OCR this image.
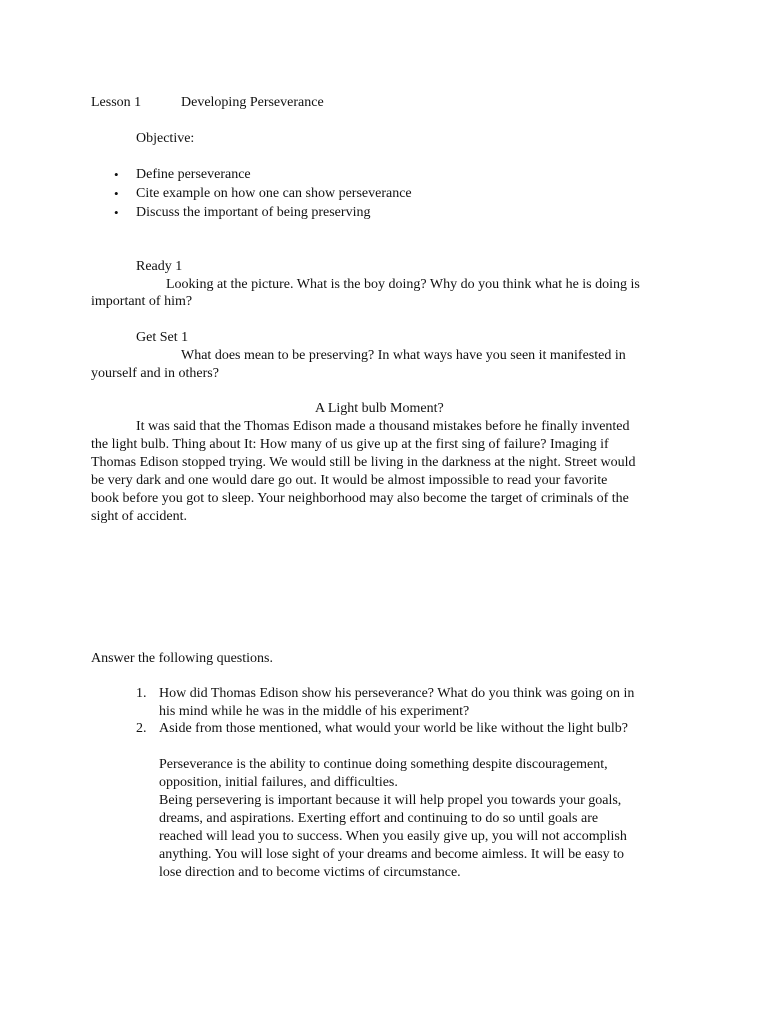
Lesson 1	Developing Perseverance
Objective:
• Define perseverance
• Cite example on how one can show perseverance
• Discuss the important of being preserving
Ready 1
Looking at the picture. What is the boy doing? Why do you think what he is doing is
important of him?
Get Set 1
What does mean to be preserving? In what ways have you seen it manifested in
yourself and in others?
A Light bulb Moment?
It was said that the Thomas Edison made a thousand mistakes before he finally invented
the light bulb. Thing about It: How many of us give up at the first sing of failure? Imaging if
Thomas Edison stopped trying. We would still be living in the darkness at the night. Street would
be very dark and one would dare go out. It would be almost impossible to read your favorite
book before you got to sleep. Your neighborhood may also become the target of criminals of the
sight of accident.
Answer the following questions.
1. How did Thomas Edison show his perseverance? What do you think was going on in
his mind while he was in the middle of his experiment?
2. Aside from those mentioned, what would your world be like without the light bulb?
Perseverance is the ability to continue doing something despite discouragement,
opposition, initial failures, and difficulties.
Being persevering is important because it will help propel you towards your goals,
dreams, and aspirations. Exerting effort and continuing to do so until goals are
reached will lead you to success. When you easily give up, you will not accomplish
anything. You will lose sight of your dreams and become aimless. It will be easy to
lose direction and to become victims of circumstance.
